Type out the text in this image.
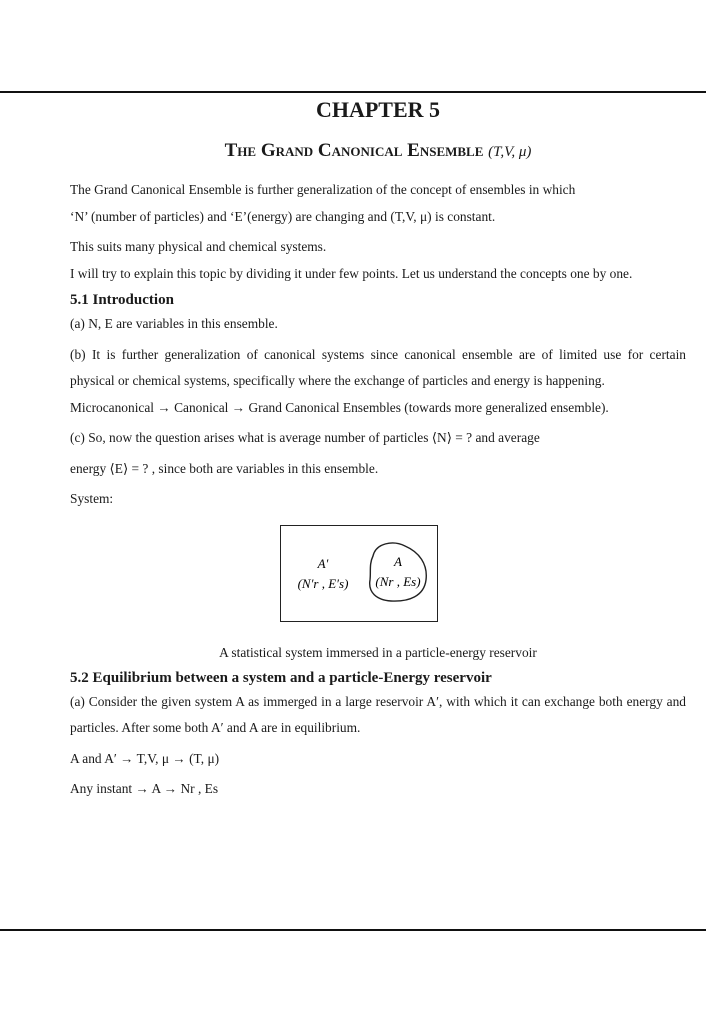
CHAPTER 5
The Grand Canonical Ensemble (T,V, μ)

The Grand Canonical Ensemble is further generalization of the concept of ensembles in which

‘N’ (number of particles) and ‘E’(energy) are changing and (T,V, μ) is constant.

This suits many physical and chemical systems.

I will try to explain this topic by dividing it under few points. Let us understand the concepts one by one.

5.1 Introduction

(a) N, E are variables in this ensemble.

(b) It is further generalization of canonical systems since canonical ensemble are of limited use for certain physical or chemical systems, specifically where the exchange of particles and energy is happening.

Microcanonical → Canonical → Grand Canonical Ensembles (towards more generalized ensemble).

(c) So, now the question arises what is average number of particles ⟨N⟩ = ? and average

energy ⟨E⟩ = ? , since both are variables in this ensemble.

System:

A′
(N′r , E′s)
A
(Nr , Es)
A statistical system immersed in a particle-energy reservoir
5.2 Equilibrium between a system and a particle-Energy reservoir

(a) Consider the given system A as immerged in a large reservoir A′, with which it can exchange both energy and particles. After some both A′ and A are in equilibrium.

A and A′ → T,V, μ → (T, μ)

Any instant → A → Nr , Es
